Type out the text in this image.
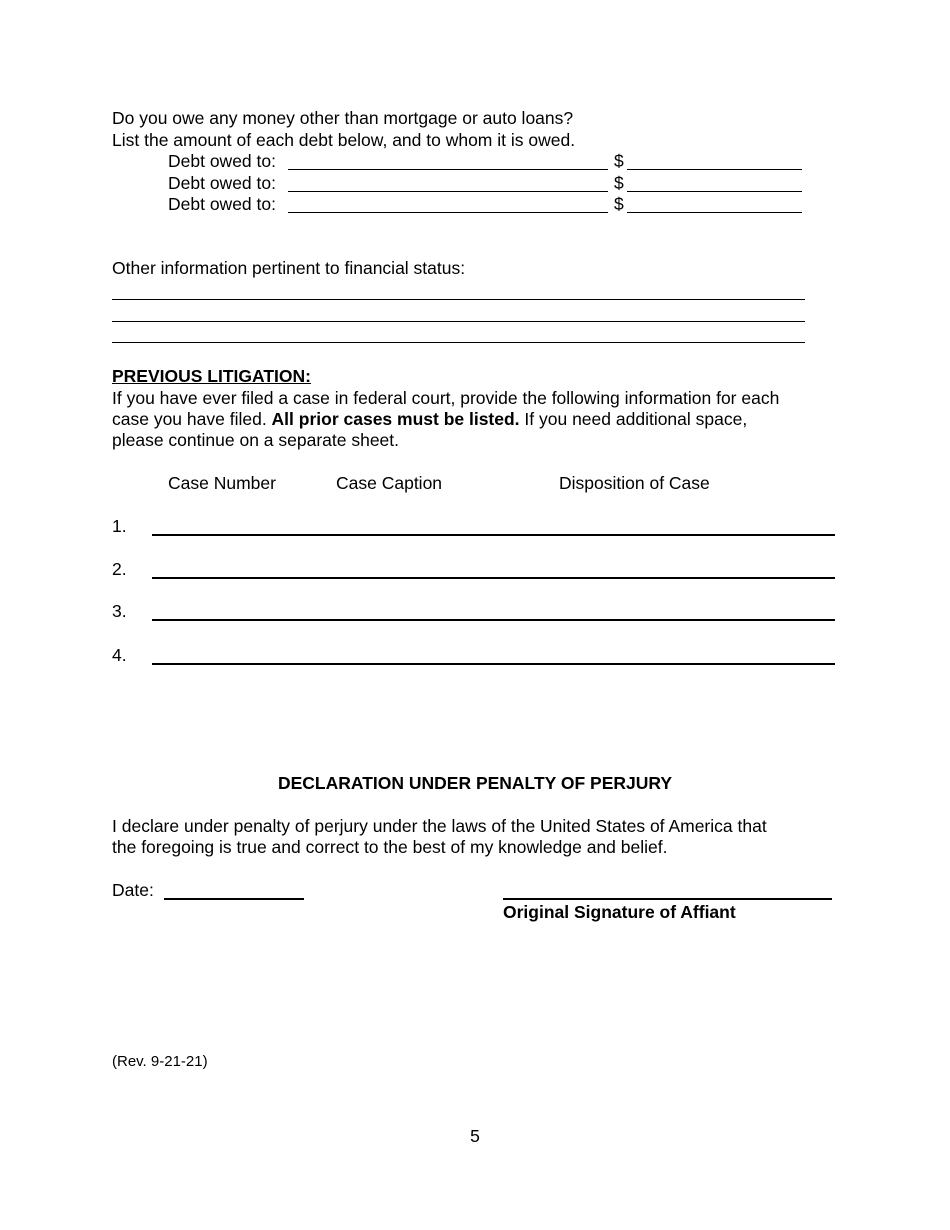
Do you owe any money other than mortgage or auto loans?
List the amount of each debt below, and to whom it is owed.
Debt owed to:	$
Debt owed to:	$
Debt owed to:	$
Other information pertinent to financial status:
PREVIOUS LITIGATION:
If you have ever filed a case in federal court, provide the following information for each
case you have filed. All prior cases must be listed. If you need additional space,
please continue on a separate sheet.
Case Number	Case Caption	Disposition of Case
1.
2.
3.
4.
DECLARATION UNDER PENALTY OF PERJURY
I declare under penalty of perjury under the laws of the United States of America that
the foregoing is true and correct to the best of my knowledge and belief.
Date:
Original Signature of Affiant
(Rev. 9-21-21)
5
